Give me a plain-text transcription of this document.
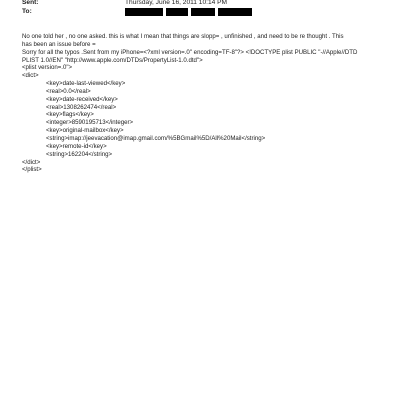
Sent:	Thursday, June 16, 2011 10:14 PM
To:
No one told her , no one asked. this is what I mean that things are slopp= , unfinished , and need to be re thought . This
has been an issue before =
Sorry for all the typos .Sent from my iPhone=<?xml version=.0" encoding=TF-8"?> <!DOCTYPE plist PUBLIC "-//Apple//DTD
PLIST 1.0//EN" "http://www.apple.com/DTDs/PropertyList-1.0.dtd">
<plist version=.0">
<dict>
<key>date-last-viewed</key>
<real>0.0</real>
<key>date-received</key>
<real>1308262474</real>
<key>flags</key>
<integer>8590195713</integer>
<key>original-mailbox</key>
<string>imap://jeevacation@imap.gmail.com/%5BGmail%5D/All%20Mail</string>
<key>remote-id</key>
<string>162204</string>
</dict>
</plist>
